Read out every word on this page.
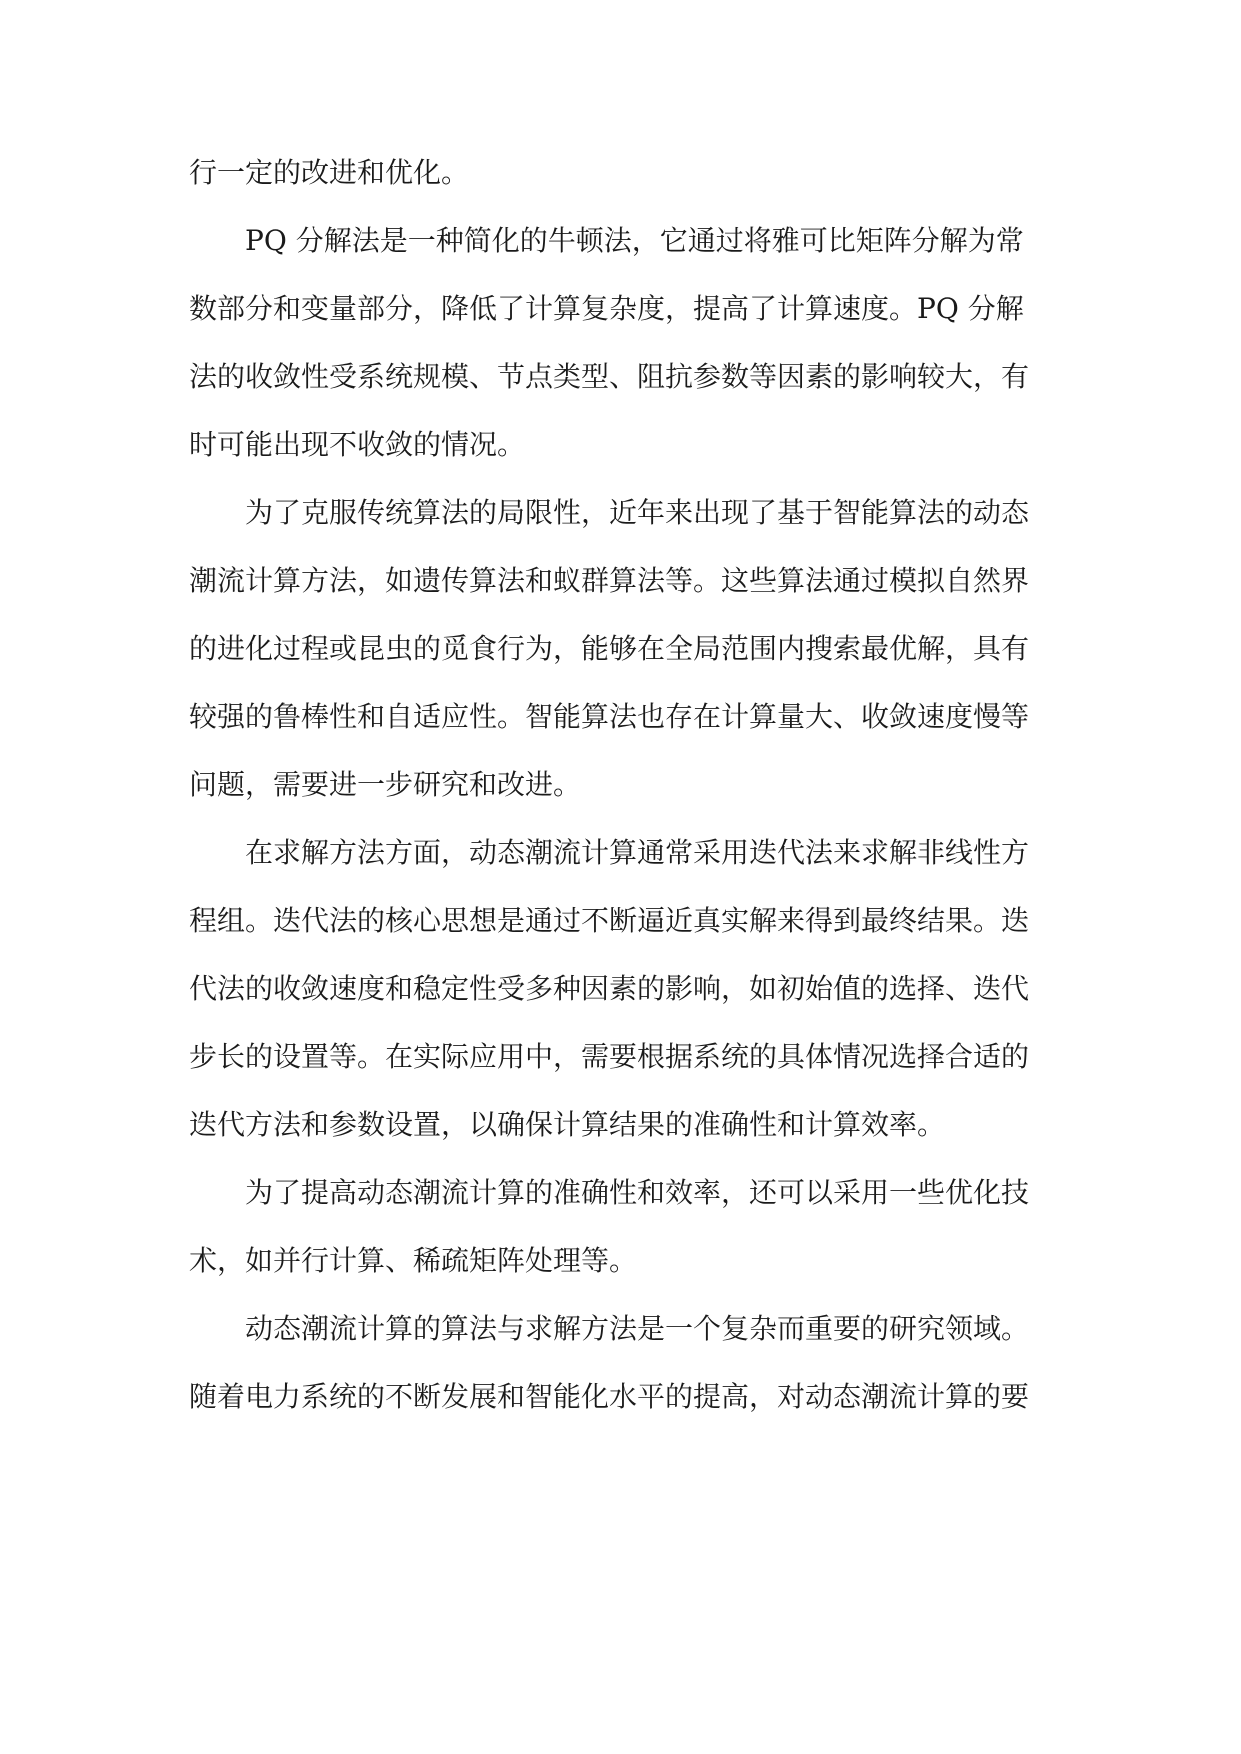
行一定的改进和优化。
PQ 分解法是一种简化的牛顿法，它通过将雅可比矩阵分解为常
数部分和变量部分，降低了计算复杂度，提高了计算速度。PQ 分解
法的收敛性受系统规模、节点类型、阻抗参数等因素的影响较大，有
时可能出现不收敛的情况。
为了克服传统算法的局限性，近年来出现了基于智能算法的动态
潮流计算方法，如遗传算法和蚁群算法等。这些算法通过模拟自然界
的进化过程或昆虫的觅食行为，能够在全局范围内搜索最优解，具有
较强的鲁棒性和自适应性。智能算法也存在计算量大、收敛速度慢等
问题，需要进一步研究和改进。
在求解方法方面，动态潮流计算通常采用迭代法来求解非线性方
程组。迭代法的核心思想是通过不断逼近真实解来得到最终结果。迭
代法的收敛速度和稳定性受多种因素的影响，如初始值的选择、迭代
步长的设置等。在实际应用中，需要根据系统的具体情况选择合适的
迭代方法和参数设置，以确保计算结果的准确性和计算效率。
为了提高动态潮流计算的准确性和效率，还可以采用一些优化技
术，如并行计算、稀疏矩阵处理等。
动态潮流计算的算法与求解方法是一个复杂而重要的研究领域。
随着电力系统的不断发展和智能化水平的提高，对动态潮流计算的要
